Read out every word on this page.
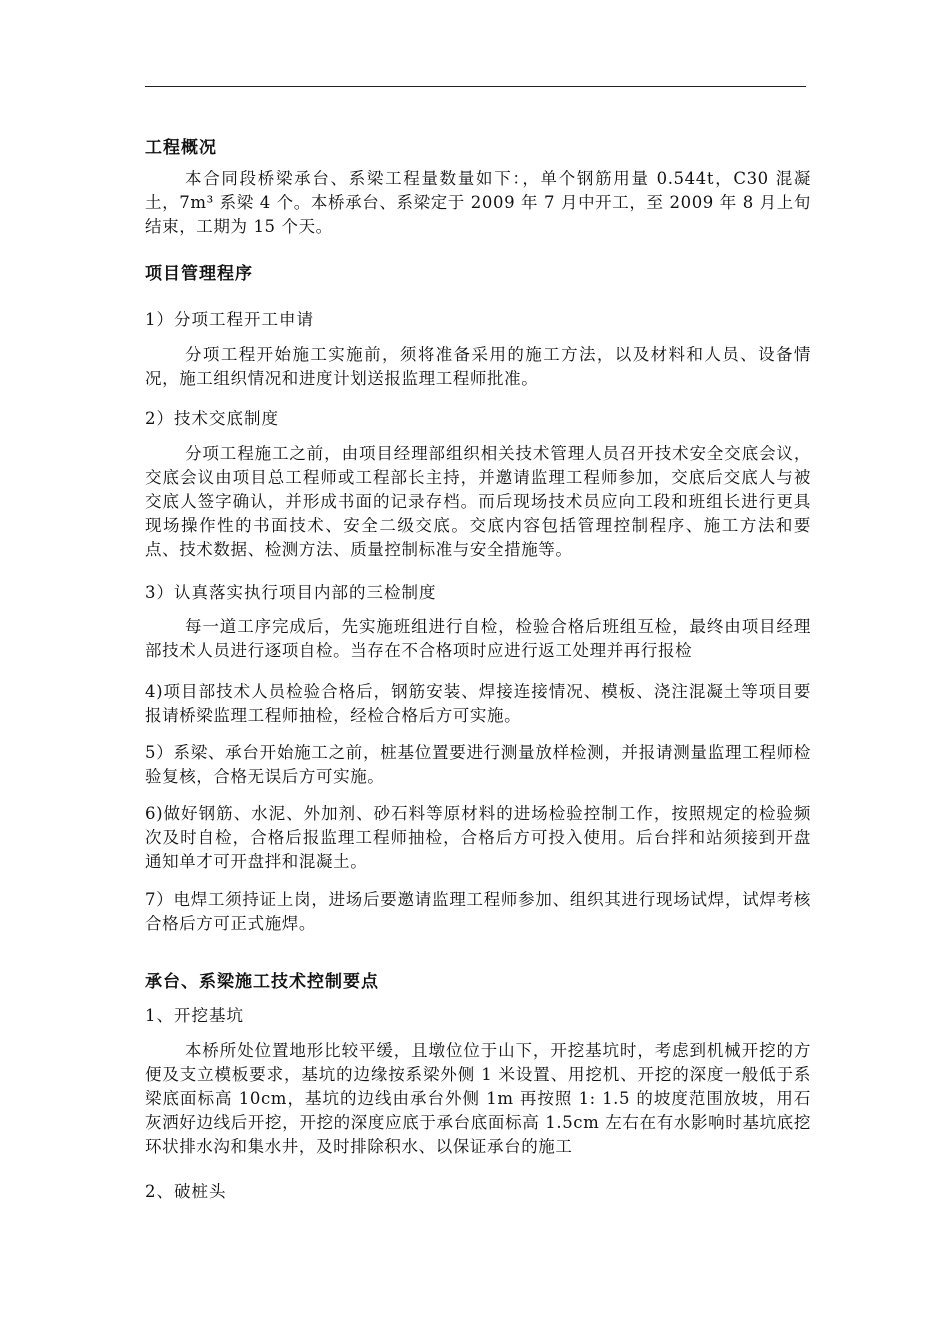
工程概况
本合同段桥梁承台、系梁工程量数量如下：，单个钢筋用量 0.544t，C30 混凝土，7m³ 系梁 4 个。本桥承台、系梁定于 2009 年 7 月中开工，至 2009 年 8 月上旬结束，工期为 15 个天。
项目管理程序
1）分项工程开工申请
分项工程开始施工实施前，须将准备采用的施工方法，以及材料和人员、设备情况，施工组织情况和进度计划送报监理工程师批准。
2）技术交底制度
分项工程施工之前，由项目经理部组织相关技术管理人员召开技术安全交底会议，交底会议由项目总工程师或工程部长主持，并邀请监理工程师参加，交底后交底人与被交底人签字确认，并形成书面的记录存档。而后现场技术员应向工段和班组长进行更具现场操作性的书面技术、安全二级交底。交底内容包括管理控制程序、施工方法和要点、技术数据、检测方法、质量控制标准与安全措施等。
3）认真落实执行项目内部的三检制度
每一道工序完成后，先实施班组进行自检，检验合格后班组互检，最终由项目经理部技术人员进行逐项自检。当存在不合格项时应进行返工处理并再行报检
4)项目部技术人员检验合格后，钢筋安装、焊接连接情况、模板、浇注混凝土等项目要报请桥梁监理工程师抽检，经检合格后方可实施。
5）系梁、承台开始施工之前，桩基位置要进行测量放样检测，并报请测量监理工程师检验复核，合格无误后方可实施。
6)做好钢筋、水泥、外加剂、砂石料等原材料的进场检验控制工作，按照规定的检验频次及时自检，合格后报监理工程师抽检，合格后方可投入使用。后台拌和站须接到开盘通知单才可开盘拌和混凝土。
7）电焊工须持证上岗，进场后要邀请监理工程师参加、组织其进行现场试焊，试焊考核合格后方可正式施焊。
承台、系梁施工技术控制要点
1、开挖基坑
本桥所处位置地形比较平缓，且墩位位于山下，开挖基坑时，考虑到机械开挖的方便及支立模板要求，基坑的边缘按系梁外侧 1 米设置、用挖机、开挖的深度一般低于系梁底面标高 10cm，基坑的边线由承台外侧 1m 再按照 1: 1.5 的坡度范围放坡，用石灰洒好边线后开挖，开挖的深度应底于承台底面标高 1.5cm 左右在有水影响时基坑底挖环状排水沟和集水井，及时排除积水、以保证承台的施工
2、破桩头
